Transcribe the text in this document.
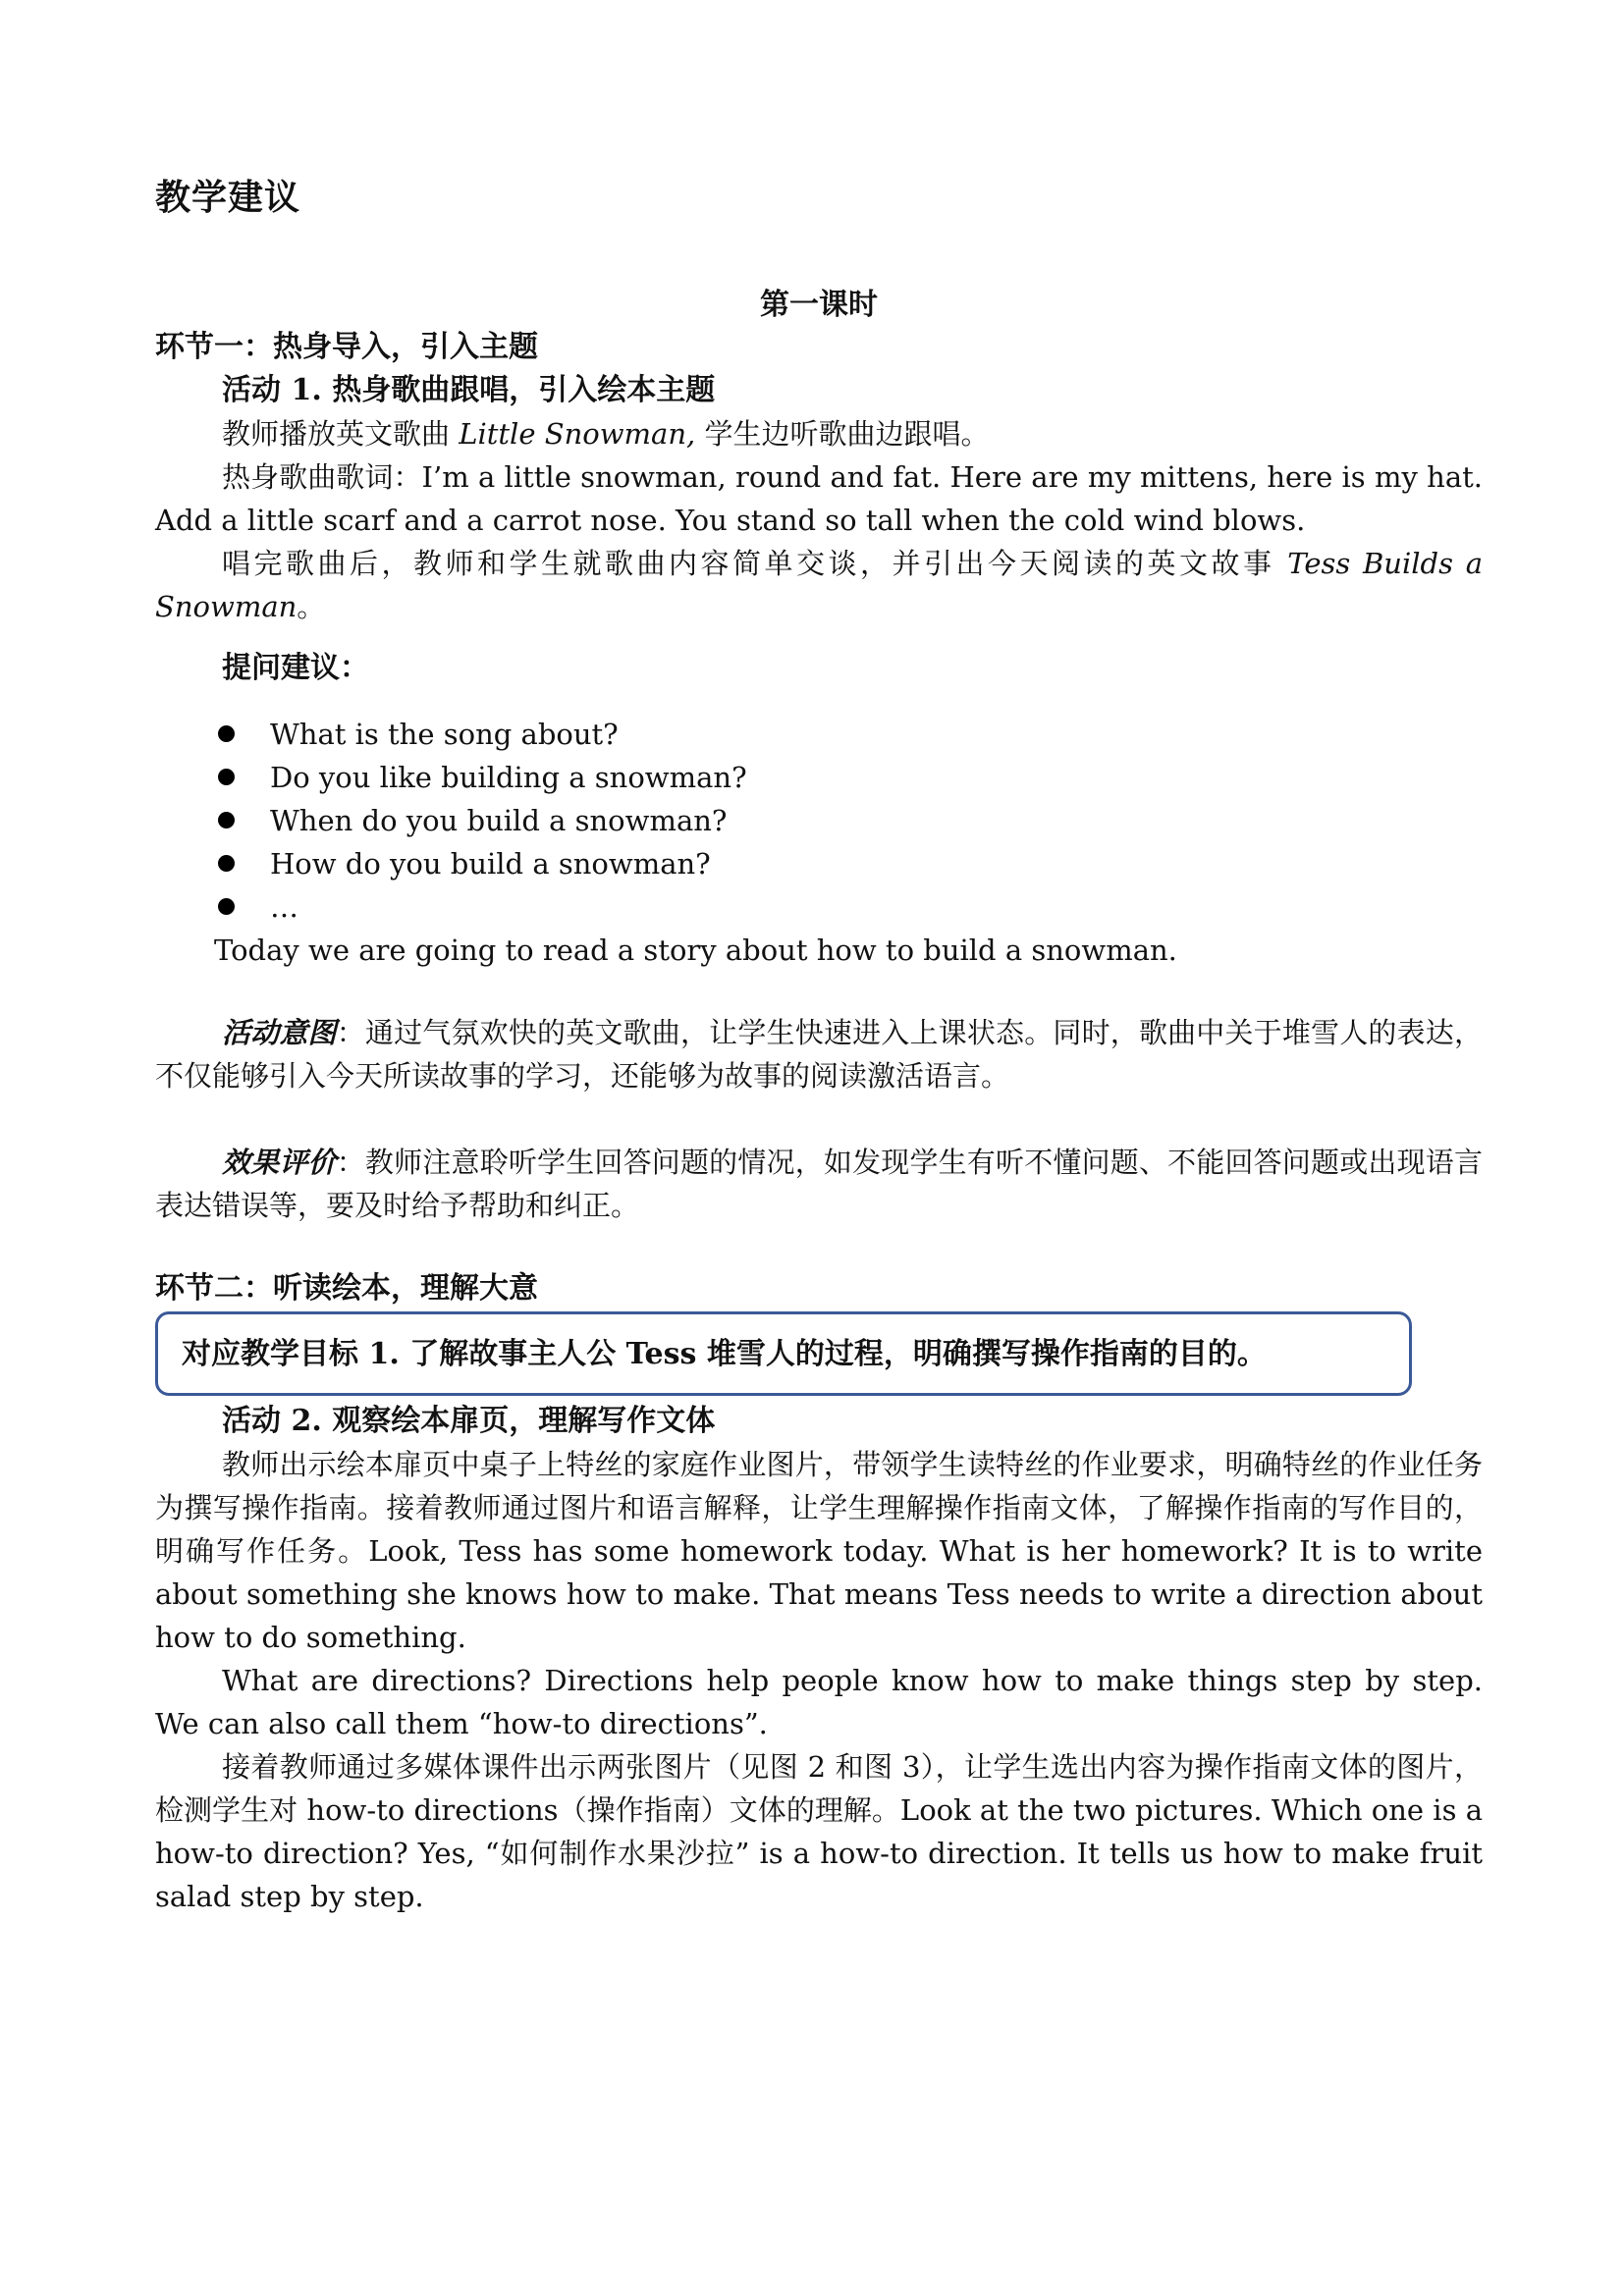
教学建议
第一课时
环节一：热身导入，引入主题
活动 1. 热身歌曲跟唱，引入绘本主题

教师播放英文歌曲 Little Snowman, 学生边听歌曲边跟唱。

热身歌曲歌词：I’m a little snowman, round and fat. Here are my mittens, here is my hat. Add a little scarf and a carrot nose. You stand so tall when the cold wind blows.

唱完歌曲后，教师和学生就歌曲内容简单交谈，并引出今天阅读的英文故事 Tess Builds a Snowman。

提问建议：
What is the song about?
Do you like building a snowman?
When do you build a snowman?
How do you build a snowman?
…

Today we are going to read a story about how to build a snowman.

活动意图：通过气氛欢快的英文歌曲，让学生快速进入上课状态。同时，歌曲中关于堆雪人的表达，不仅能够引入今天所读故事的学习，还能够为故事的阅读激活语言。

效果评价：教师注意聆听学生回答问题的情况，如发现学生有听不懂问题、不能回答问题或出现语言表达错误等，要及时给予帮助和纠正。

环节二：听读绘本，理解大意
对应教学目标 1. 了解故事主人公 Tess 堆雪人的过程，明确撰写操作指南的目的。
活动 2. 观察绘本扉页，理解写作文体

教师出示绘本扉页中桌子上特丝的家庭作业图片，带领学生读特丝的作业要求，明确特丝的作业任务为撰写操作指南。接着教师通过图片和语言解释，让学生理解操作指南文体，了解操作指南的写作目的，明确写作任务。Look, Tess has some homework today. What is her homework? It is to write about something she knows how to make. That means Tess needs to write a direction about how to do something.

What are directions? Directions help people know how to make things step by step. We can also call them “how-to directions”.

接着教师通过多媒体课件出示两张图片（见图 2 和图 3），让学生选出内容为操作指南文体的图片，检测学生对 how-to directions（操作指南）文体的理解。Look at the two pictures. Which one is a how-to direction? Yes, “如何制作水果沙拉” is a how-to direction. It tells us how to make fruit salad step by step.
